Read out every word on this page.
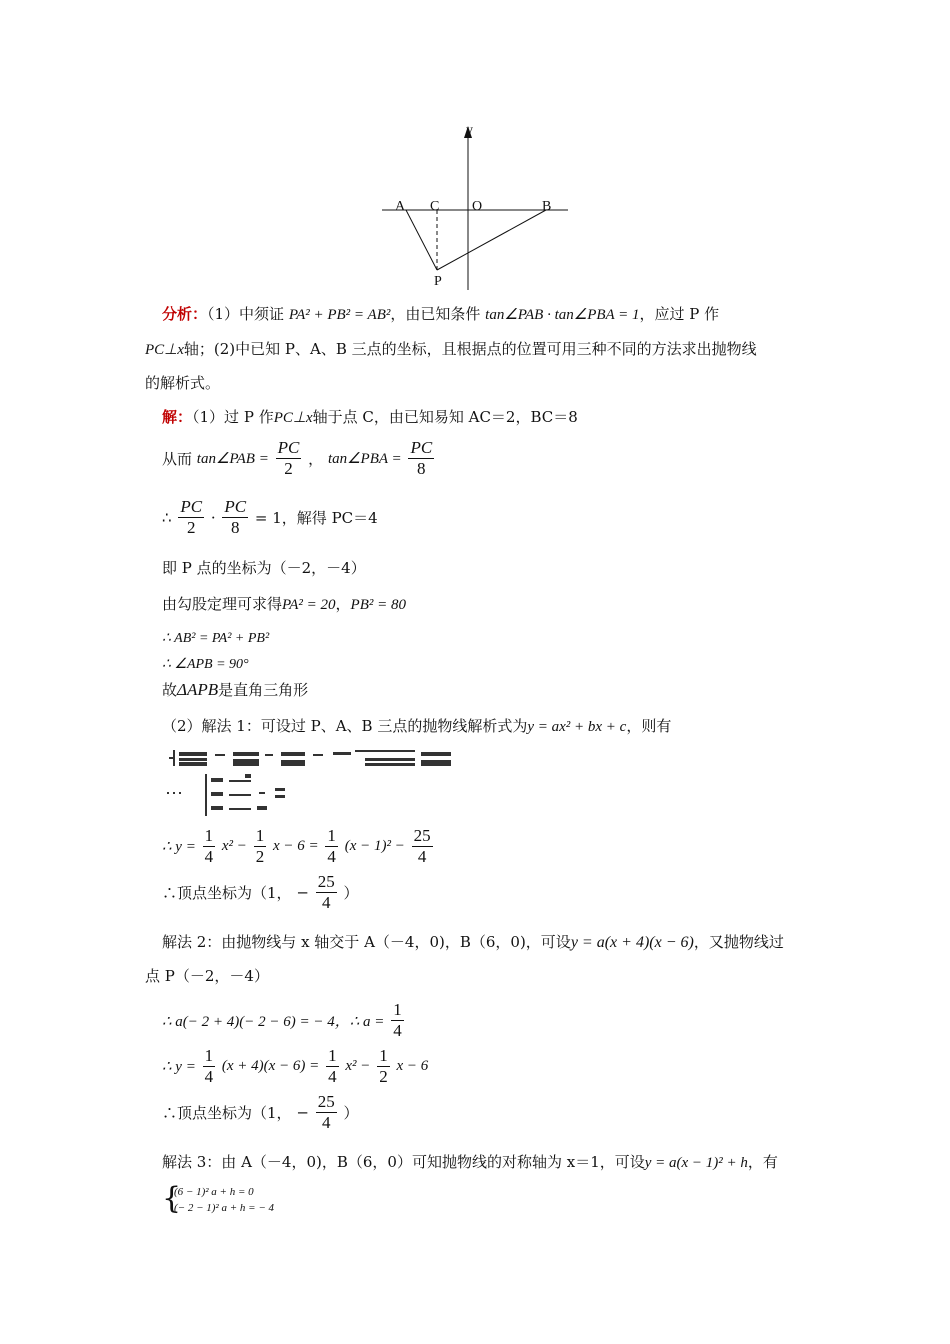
y
A C O	B
P
分析：（1）中须证 PA² + PB² = AB²，由已知条件 tan∠PAB · tan∠PBA = 1，应过 P 作
PC⊥x轴；(2)中已知 P、A、B 三点的坐标，且根据点的位置可用三种不同的方法求出抛物线
的解析式。
解：（1）过 P 作PC⊥x轴于点 C，由已知易知 AC＝2，BC＝8
从而 tan∠PAB = $\frac{PC}{2}$ ， tan∠PBA = $\frac{PC}{8}$
∴ $\frac{PC}{2} \cdot \frac{PC}{8} = 1$，解得 PC＝4
即 P 点的坐标为（－2，－4）
由勾股定理可求得PA² = 20，PB² = 80
∴ AB² = PA² + PB²
∴ ∠APB = 90°
故ΔAPB是直角三角形
（2）解法 1：可设过 P、A、B 三点的抛物线解析式为y = ax² + bx + c，则有
∴ $y = \frac{1}{4} x^2 - \frac{1}{2}$ $x - 6 = \frac{1}{4} (x - 1)^2 - \frac{25}{4}$
∴顶点坐标为（1， − $\frac{25}{4}$ ）
解法 2：由抛物线与 x 轴交于 A（－4，0)，B（6，0)，可设y = a(x + 4)(x − 6)，又抛物线过
点 P（－2，－4）
∴ a(− 2 + 4)(− 2 − 6) = − 4，∴ $a = \frac{1}{4}$
∴ $y = \frac{1}{4} (x + 4)(x - 6) = \frac{1}{4} x^2 - \frac{1}{2}$ x − 6
∴顶点坐标为（1， − $\frac{25}{4}$ ）
解法 3：由 A（－4，0)，B（6，0）可知抛物线的对称轴为 x＝1，可设y = a(x − 1)² + h，有
{
(6 − 1)² a + h = 0
(− 2 − 1)² a + h = − 4
